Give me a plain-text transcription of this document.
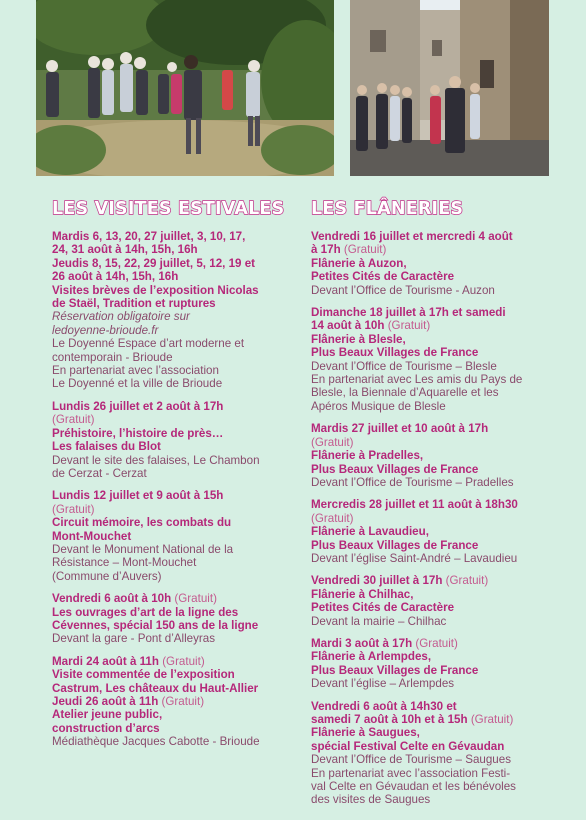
LES VISITES ESTIVALES
Mardis 6, 13, 20, 27 juillet, 3, 10, 17,
24, 31 août à 14h, 15h, 16h
Jeudis 8, 15, 22, 29 juillet, 5, 12, 19 et
26 août à 14h, 15h, 16h
Visites brèves de l’exposition Nicolas
de Staël, Tradition et ruptures
Réservation obligatoire sur
ledoyenne-brioude.fr
Le Doyenné Espace d’art moderne et
contemporain - Brioude
En partenariat avec l’association
Le Doyenné et la ville de Brioude
Lundis 26 juillet et 2 août à 17h
(Gratuit)
Préhistoire, l’histoire de près…
Les falaises du Blot
Devant le site des falaises, Le Chambon
de Cerzat - Cerzat
Lundis 12 juillet et 9 août à 15h
(Gratuit)
Circuit mémoire, les combats du
Mont-Mouchet
Devant le Monument National de la
Résistance – Mont-Mouchet
(Commune d’Auvers)
Vendredi 6 août à 10h (Gratuit)
Les ouvrages d’art de la ligne des
Cévennes, spécial 150 ans de la ligne
Devant la gare - Pont d’Alleyras
Mardi 24 août à 11h (Gratuit)
Visite commentée de l’exposition
Castrum, Les châteaux du Haut-Allier
Jeudi 26 août à 11h (Gratuit)
Atelier jeune public,
construction d’arcs
Médiathèque Jacques Cabotte - Brioude
LES FLÂNERIES
Vendredi 16 juillet et mercredi 4 août
à 17h (Gratuit)
Flânerie à Auzon,
Petites Cités de Caractère
Devant l’Office de Tourisme - Auzon
Dimanche 18 juillet à 17h et samedi
14 août à 10h (Gratuit)
Flânerie à Blesle,
Plus Beaux Villages de France
Devant l’Office de Tourisme – Blesle
En partenariat avec Les amis du Pays de
Blesle, la Biennale d’Aquarelle et les
Apéros Musique de Blesle
Mardis 27 juillet et 10 août à 17h
(Gratuit)
Flânerie à Pradelles,
Plus Beaux Villages de France
Devant l’Office de Tourisme – Pradelles
Mercredis 28 juillet et 11 août à 18h30
(Gratuit)
Flânerie à Lavaudieu,
Plus Beaux Villages de France
Devant l’église Saint-André – Lavaudieu
Vendredi 30 juillet à 17h (Gratuit)
Flânerie à Chilhac,
Petites Cités de Caractère
Devant la mairie – Chilhac
Mardi 3 août à 17h (Gratuit)
Flânerie à Arlempdes,
Plus Beaux Villages de France
Devant l’église – Arlempdes
Vendredi 6 août à 14h30 et
samedi 7 août à 10h et à 15h (Gratuit)
Flânerie à Saugues,
spécial Festival Celte en Gévaudan
Devant l’Office de Tourisme – Saugues
En partenariat avec l’association Festi-
val Celte en Gévaudan et les bénévoles
des visites de Saugues
